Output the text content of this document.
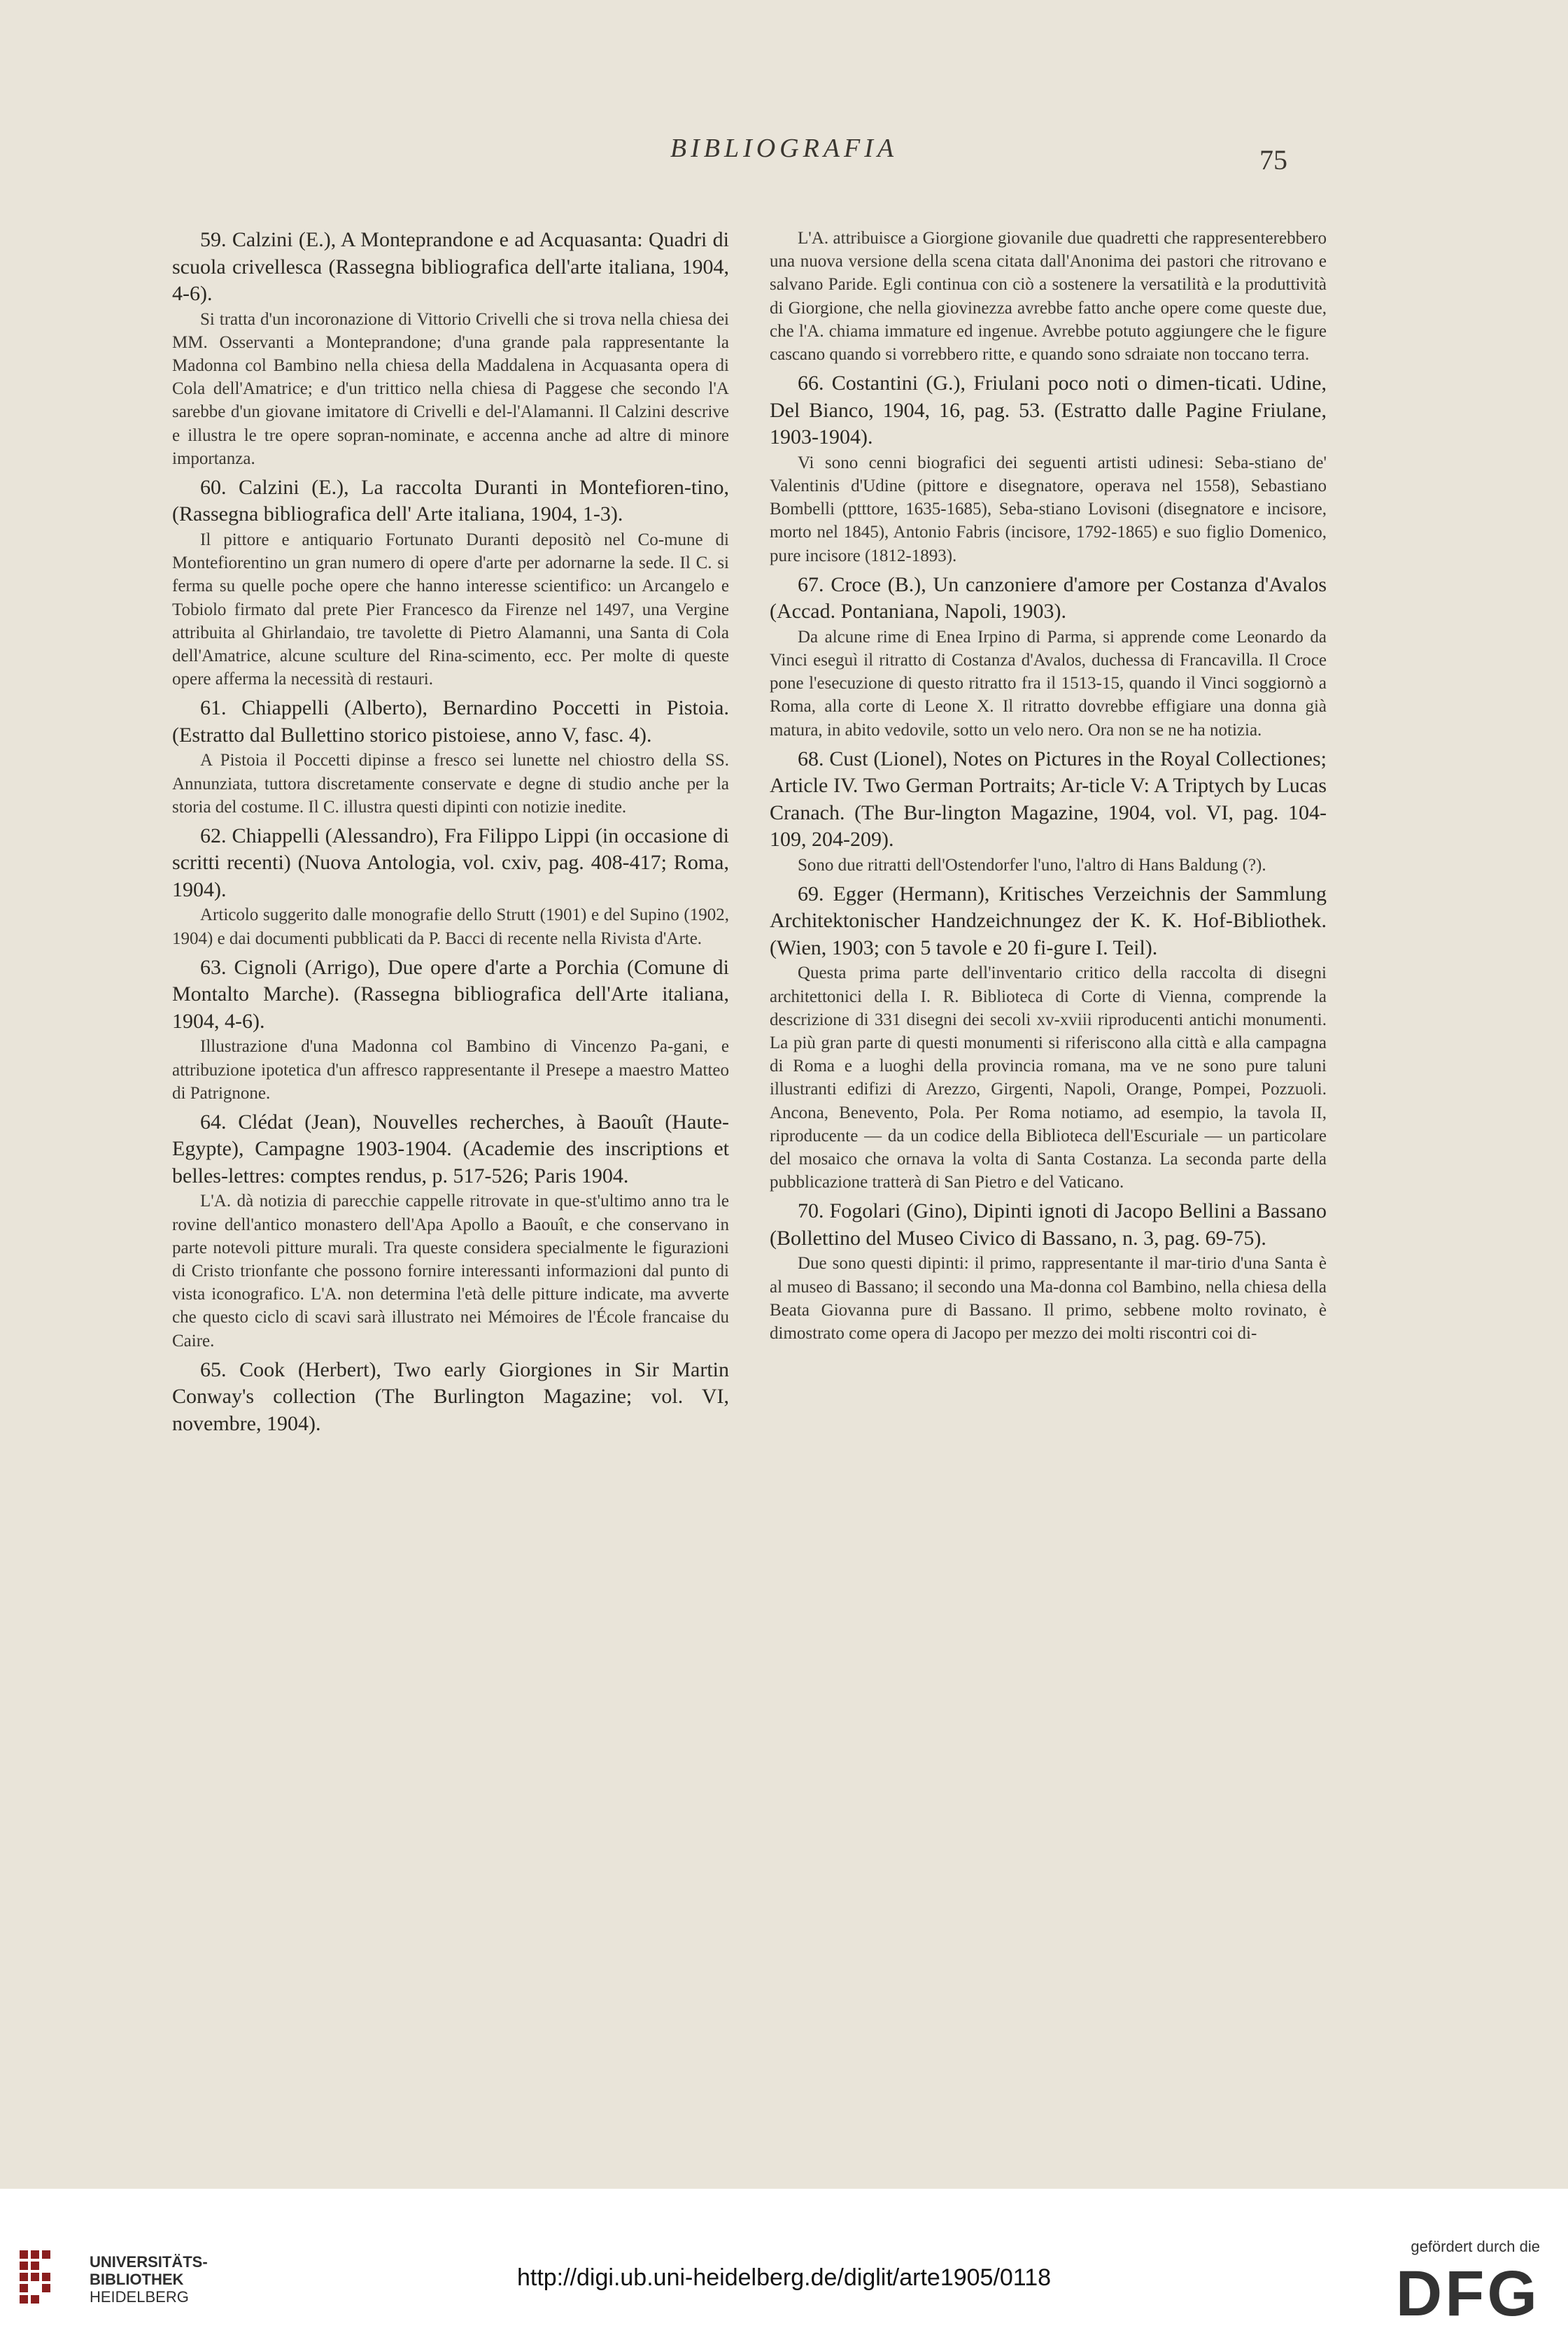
BIBLIOGRAFIA	75

59. Calzini (E.), A Monteprandone e ad Acquasanta: Quadri di scuola crivellesca (Rassegna bibliografica dell'arte italiana, 1904, 4-6).

Si tratta d'un incoronazione di Vittorio Crivelli che si trova nella chiesa dei MM. Osservanti a Monteprandone; d'una grande pala rappresentante la Madonna col Bambino nella chiesa della Maddalena in Acquasanta opera di Cola dell'Amatrice; e d'un trittico nella chiesa di Paggese che secondo l'A sarebbe d'un giovane imitatore di Crivelli e del-l'Alamanni. Il Calzini descrive e illustra le tre opere sopran-nominate, e accenna anche ad altre di minore importanza.

60. Calzini (E.), La raccolta Duranti in Montefioren-tino, (Rassegna bibliografica dell' Arte italiana, 1904, 1-3).

Il pittore e antiquario Fortunato Duranti depositò nel Co-mune di Montefiorentino un gran numero di opere d'arte per adornarne la sede. Il C. si ferma su quelle poche opere che hanno interesse scientifico: un Arcangelo e Tobiolo firmato dal prete Pier Francesco da Firenze nel 1497, una Vergine attribuita al Ghirlandaio, tre tavolette di Pietro Alamanni, una Santa di Cola dell'Amatrice, alcune sculture del Rina-scimento, ecc. Per molte di queste opere afferma la necessità di restauri.

61. Chiappelli (Alberto), Bernardino Poccetti in Pistoia. (Estratto dal Bullettino storico pistoiese, anno V, fasc. 4).

A Pistoia il Poccetti dipinse a fresco sei lunette nel chiostro della SS. Annunziata, tuttora discretamente conservate e degne di studio anche per la storia del costume. Il C. illustra questi dipinti con notizie inedite.

62. Chiappelli (Alessandro), Fra Filippo Lippi (in occasione di scritti recenti) (Nuova Antologia, vol. cxiv, pag. 408-417; Roma, 1904).

Articolo suggerito dalle monografie dello Strutt (1901) e del Supino (1902, 1904) e dai documenti pubblicati da P. Bacci di recente nella Rivista d'Arte.

63. Cignoli (Arrigo), Due opere d'arte a Porchia (Comune di Montalto Marche). (Rassegna bibliografica dell'Arte italiana, 1904, 4-6).

Illustrazione d'una Madonna col Bambino di Vincenzo Pa-gani, e attribuzione ipotetica d'un affresco rappresentante il Presepe a maestro Matteo di Patrignone.

64. Clédat (Jean), Nouvelles recherches, à Baouît (Haute-Egypte), Campagne 1903-1904. (Academie des inscriptions et belles-lettres: comptes rendus, p. 517-526; Paris 1904.

L'A. dà notizia di parecchie cappelle ritrovate in que-st'ultimo anno tra le rovine dell'antico monastero dell'Apa Apollo a Baouît, e che conservano in parte notevoli pitture murali. Tra queste considera specialmente le figurazioni di Cristo trionfante che possono fornire interessanti informazioni dal punto di vista iconografico. L'A. non determina l'età delle pitture indicate, ma avverte che questo ciclo di scavi sarà illustrato nei Mémoires de l'École francaise du Caire.

65. Cook (Herbert), Two early Giorgiones in Sir Martin Conway's collection (The Burlington Magazine; vol. VI, novembre, 1904).

L'A. attribuisce a Giorgione giovanile due quadretti che rappresenterebbero una nuova versione della scena citata dall'Anonima dei pastori che ritrovano e salvano Paride. Egli continua con ciò a sostenere la versatilità e la produttività di Giorgione, che nella giovinezza avrebbe fatto anche opere come queste due, che l'A. chiama immature ed ingenue. Avrebbe potuto aggiungere che le figure cascano quando si vorrebbero ritte, e quando sono sdraiate non toccano terra.

66. Costantini (G.), Friulani poco noti o dimen-ticati. Udine, Del Bianco, 1904, 16, pag. 53. (Estratto dalle Pagine Friulane, 1903-1904).

Vi sono cenni biografici dei seguenti artisti udinesi: Seba-stiano de' Valentinis d'Udine (pittore e disegnatore, operava nel 1558), Sebastiano Bombelli (ptttore, 1635-1685), Seba-stiano Lovisoni (disegnatore e incisore, morto nel 1845), Antonio Fabris (incisore, 1792-1865) e suo figlio Domenico, pure incisore (1812-1893).

67. Croce (B.), Un canzoniere d'amore per Costanza d'Avalos (Accad. Pontaniana, Napoli, 1903).

Da alcune rime di Enea Irpino di Parma, si apprende come Leonardo da Vinci eseguì il ritratto di Costanza d'Avalos, duchessa di Francavilla. Il Croce pone l'esecuzione di questo ritratto fra il 1513-15, quando il Vinci soggiornò a Roma, alla corte di Leone X. Il ritratto dovrebbe effigiare una donna già matura, in abito vedovile, sotto un velo nero. Ora non se ne ha notizia.

68. Cust (Lionel), Notes on Pictures in the Royal Collectiones; Article IV. Two German Portraits; Ar-ticle V: A Triptych by Lucas Cranach. (The Bur-lington Magazine, 1904, vol. VI, pag. 104-109, 204-209).

Sono due ritratti dell'Ostendorfer l'uno, l'altro di Hans Baldung (?).

69. Egger (Hermann), Kritisches Verzeichnis der Sammlung Architektonischer Handzeichnungez der K. K. Hof-Bibliothek. (Wien, 1903; con 5 tavole e 20 fi-gure I. Teil).

Questa prima parte dell'inventario critico della raccolta di disegni architettonici della I. R. Biblioteca di Corte di Vienna, comprende la descrizione di 331 disegni dei secoli xv-xviii riproducenti antichi monumenti. La più gran parte di questi monumenti si riferiscono alla città e alla campagna di Roma e a luoghi della provincia romana, ma ve ne sono pure taluni illustranti edifizi di Arezzo, Girgenti, Napoli, Orange, Pompei, Pozzuoli. Ancona, Benevento, Pola. Per Roma notiamo, ad esempio, la tavola II, riproducente — da un codice della Biblioteca dell'Escuriale — un particolare del mosaico che ornava la volta di Santa Costanza. La seconda parte della pubblicazione tratterà di San Pietro e del Vaticano.

70. Fogolari (Gino), Dipinti ignoti di Jacopo Bellini a Bassano (Bollettino del Museo Civico di Bassano, n. 3, pag. 69-75).

Due sono questi dipinti: il primo, rappresentante il mar-tirio d'una Santa è al museo di Bassano; il secondo una Ma-donna col Bambino, nella chiesa della Beata Giovanna pure di Bassano. Il primo, sebbene molto rovinato, è dimostrato come opera di Jacopo per mezzo dei molti riscontri coi di-

UNIVERSITÄTS-
BIBLIOTHEK
HEIDELBERG
http://digi.ub.uni-heidelberg.de/diglit/arte1905/0118
gefördert durch die
DFG
